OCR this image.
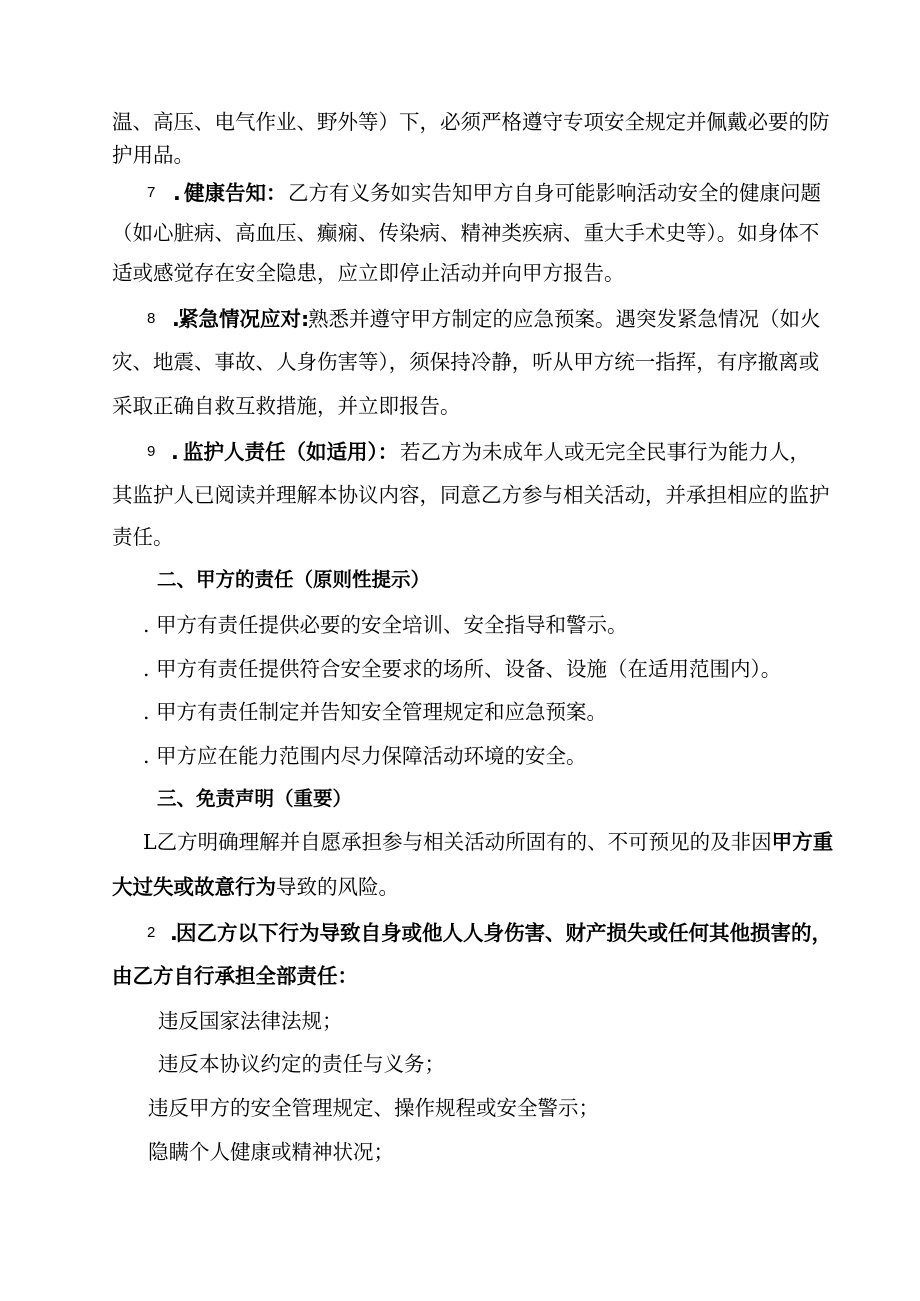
温、高压、电气作业、野外等）下，必须严格遵守专项安全规定并佩戴必要的防
护用品。
7 . 健康告知： 乙方有义务如实告知甲方自身可能影响活动安全的健康问题
（如心脏病、高血压、癫痫、传染病、精神类疾病、重大手术史等）。如身体不
适或感觉存在安全隐患，应立即停止活动并向甲方报告。
8 .
紧急情况应对:
熟悉并遵守甲方制定的应急预案。遇突发紧急情况（如火
灾、地震、事故、人身伤害等），须保持冷静，听从甲方统一指挥，有序撤离或
采取正确自救互救措施，并立即报告。
9 . 监护人责任（如适用）： 若乙方为未成年人或无完全民事行为能力人，
其监护人已阅读并理解本协议内容，同意乙方参与相关活动，并承担相应的监护
责任。
二、甲方的责任（原则性提示）
. 甲方有责任提供必要的安全培训、安全指导和警示。
. 甲方有责任提供符合安全要求的场所、设备、设施（在适用范围内）。
. 甲方有责任制定并告知安全管理规定和应急预案。
. 甲方应在能力范围内尽力保障活动环境的安全。
三、免责声明（重要）
L乙方明确理解并自愿承担参与相关活动所固有的、不可预见的及非因甲方重
大过失或故意行为导致的风险。
2 .
因乙方以下行为导致自身或他人人身伤害、财产损失或任何其他损害的，
由乙方自行承担全部责任：
违反国家法律法规；
违反本协议约定的责任与义务；
违反甲方的安全管理规定、操作规程或安全警示；
隐瞒个人健康或精神状况；
